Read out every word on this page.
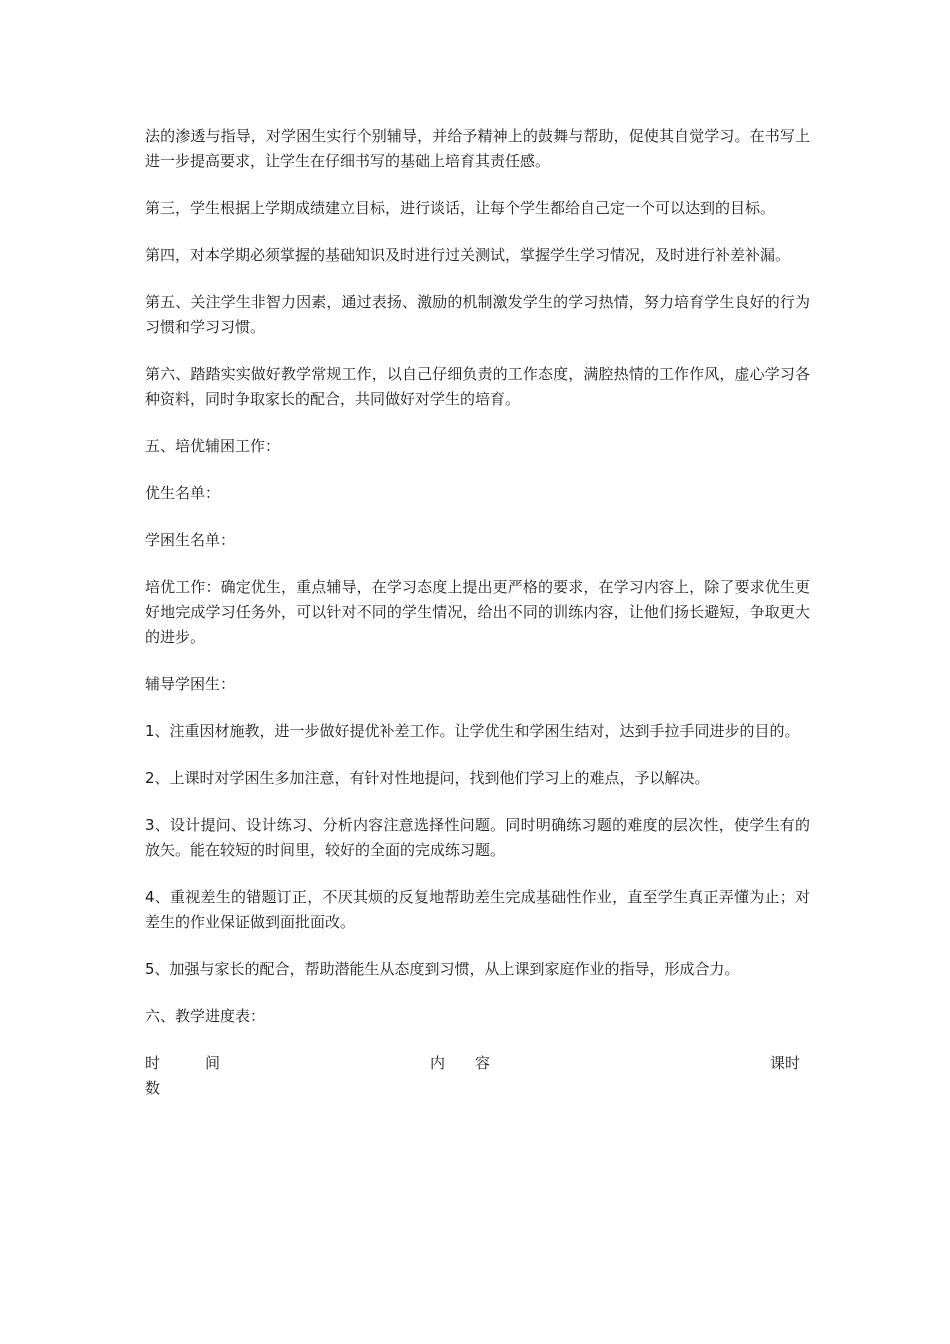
法的渗透与指导，对学困生实行个别辅导，并给予精神上的鼓舞与帮助，促使其自觉学习。在书写上进一步提高要求，让学生在仔细书写的基础上培育其责任感。

第三，学生根据上学期成绩建立目标，进行谈话，让每个学生都给自己定一个可以达到的目标。

第四，对本学期必须掌握的基础知识及时进行过关测试，掌握学生学习情况，及时进行补差补漏。

第五、关注学生非智力因素，通过表扬、激励的机制激发学生的学习热情，努力培育学生良好的行为习惯和学习习惯。

第六、踏踏实实做好教学常规工作，以自己仔细负责的工作态度，满腔热情的工作作风，虚心学习各种资料，同时争取家长的配合，共同做好对学生的培育。

五、培优辅困工作：

优生名单：

学困生名单：

培优工作：确定优生，重点辅导，在学习态度上提出更严格的要求，在学习内容上，除了要求优生更好地完成学习任务外，可以针对不同的学生情况，给出不同的训练内容，让他们扬长避短，争取更大的进步。

辅导学困生：

1、注重因材施教，进一步做好提优补差工作。让学优生和学困生结对，达到手拉手同进步的目的。

2、上课时对学困生多加注意，有针对性地提问，找到他们学习上的难点，予以解决。

3、设计提问、设计练习、分析内容注意选择性问题。同时明确练习题的难度的层次性，使学生有的放矢。能在较短的时间里，较好的全面的完成练习题。

4、重视差生的错题订正，不厌其烦的反复地帮助差生完成基础性作业，直至学生真正弄懂为止；对差生的作业保证做到面批面改。

5、加强与家长的配合，帮助潜能生从态度到习惯，从上课到家庭作业的指导，形成合力。

六、教学进度表：

时　　　间	内　　容	课时
数
